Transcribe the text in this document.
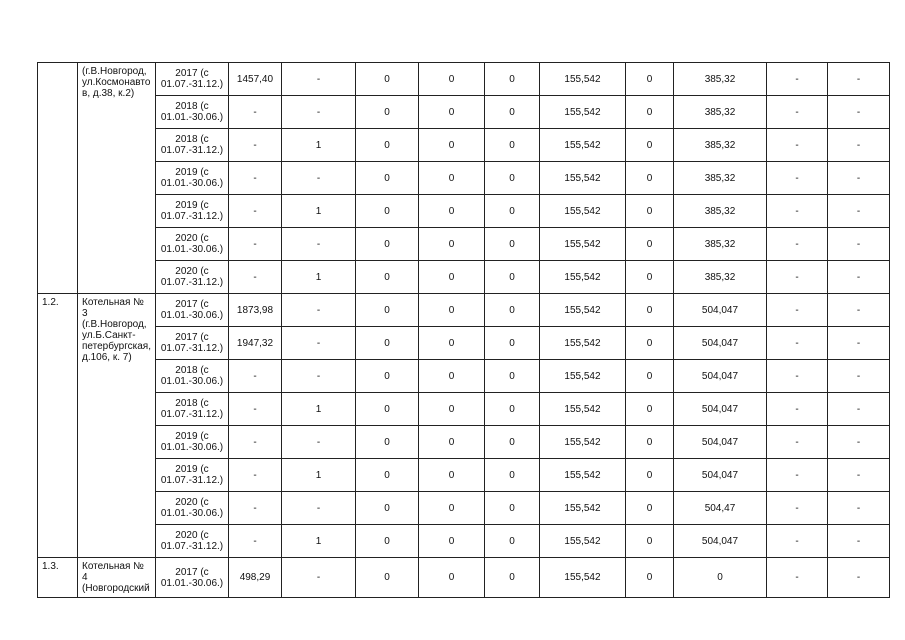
	(г.В.Новгород,
ул.Космонавто
в, д.38, к.2)	2017 (с
01.07.-31.12.)	1457,40	-	0	0	0	155,542	0	385,32	-	-
		2018 (с
01.01.-30.06.)	-	-	0	0	0	155,542	0	385,32	-	-
		2018 (с
01.07.-31.12.)	-	1	0	0	0	155,542	0	385,32	-	-
		2019 (с
01.01.-30.06.)	-	-	0	0	0	155,542	0	385,32	-	-
		2019 (с
01.07.-31.12.)	-	1	0	0	0	155,542	0	385,32	-	-
		2020 (с
01.01.-30.06.)	-	-	0	0	0	155,542	0	385,32	-	-
		2020 (с
01.07.-31.12.)	-	1	0	0	0	155,542	0	385,32	-	-
1.2.	Котельная № 3
(г.В.Новгород,
ул.Б.Санкт-
петербургская,
д.106, к. 7)	2017 (с
01.01.-30.06.)	1873,98	-	0	0	0	155,542	0	504,047	-	-
		2017 (с
01.07.-31.12.)	1947,32	-	0	0	0	155,542	0	504,047	-	-
		2018 (с
01.01.-30.06.)	-	-	0	0	0	155,542	0	504,047	-	-
		2018 (с
01.07.-31.12.)	-	1	0	0	0	155,542	0	504,047	-	-
		2019 (с
01.01.-30.06.)	-	-	0	0	0	155,542	0	504,047	-	-
		2019 (с
01.07.-31.12.)	-	1	0	0	0	155,542	0	504,047	-	-
		2020 (с
01.01.-30.06.)	-	-	0	0	0	155,542	0	504,47	-	-
		2020 (с
01.07.-31.12.)	-	1	0	0	0	155,542	0	504,047	-	-
1.3.	Котельная № 4
(Новгородский	2017 (с
01.01.-30.06.)	498,29	-	0	0	0	155,542	0	0	-	-
